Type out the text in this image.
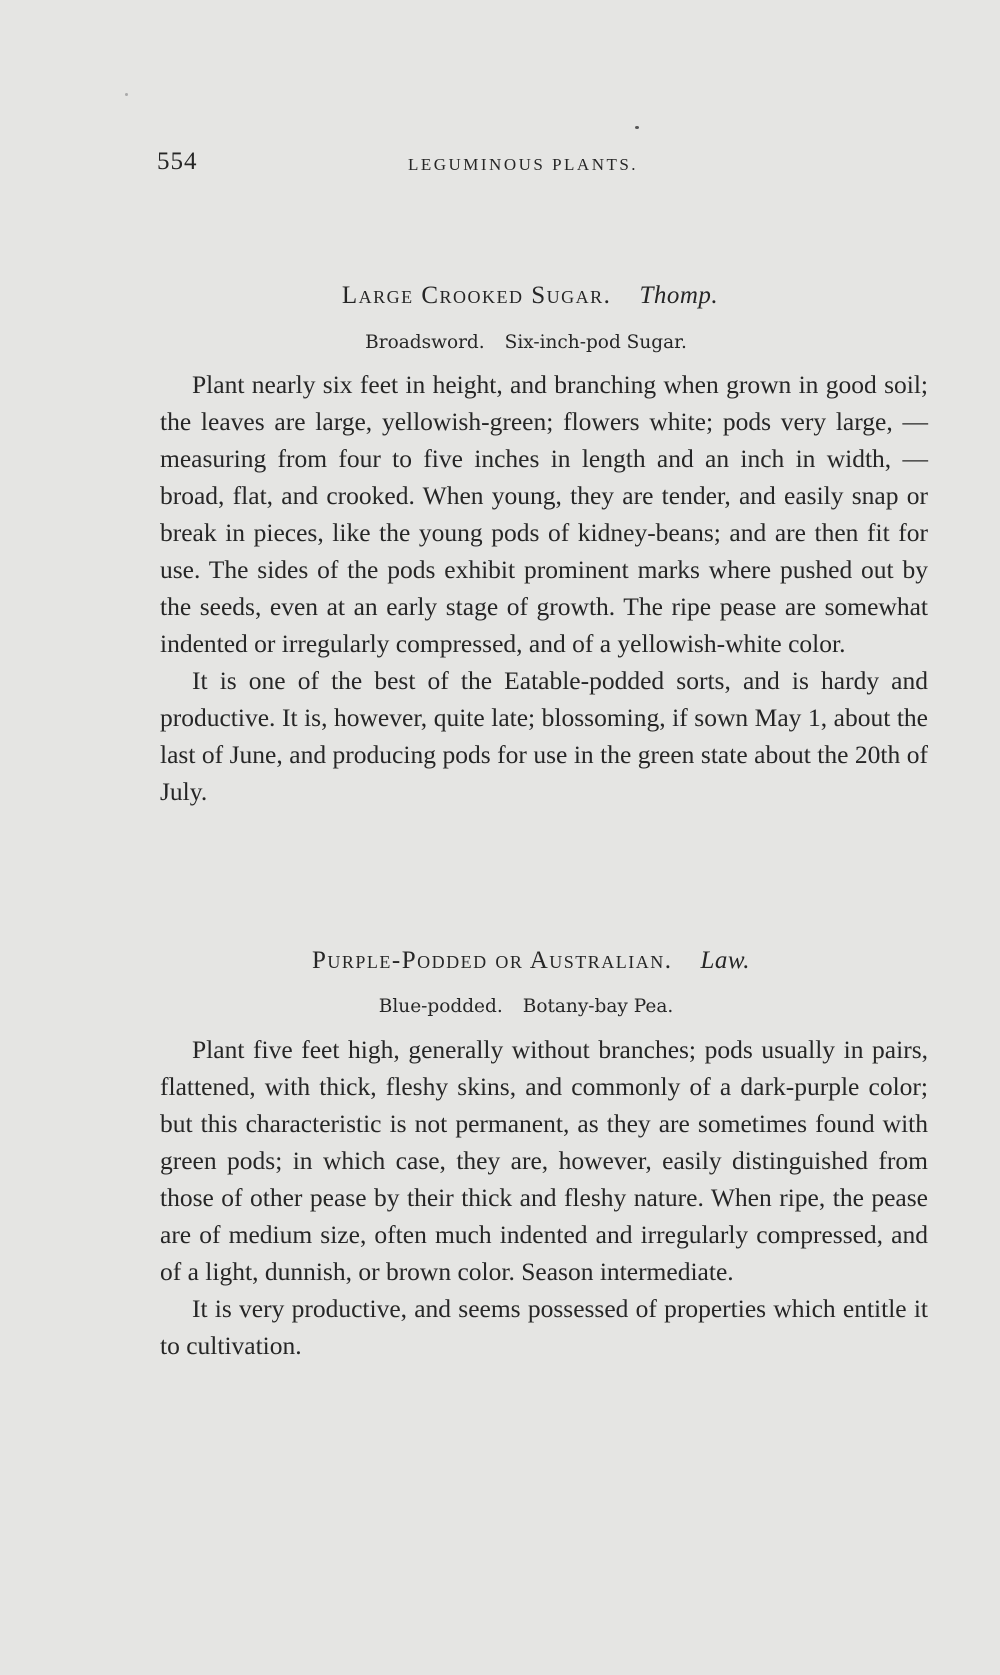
554	LEGUMINOUS PLANTS.
Large Crooked Sugar. Thomp.
Broadsword. Six-inch-pod Sugar.

Plant nearly six feet in height, and branching when grown in good soil; the leaves are large, yellowish-green; flowers white; pods very large, — measuring from four to five inches in length and an inch in width, — broad, flat, and crooked. When young, they are tender, and easily snap or break in pieces, like the young pods of kidney-beans; and are then fit for use. The sides of the pods exhibit prominent marks where pushed out by the seeds, even at an early stage of growth. The ripe pease are somewhat indented or irregularly compressed, and of a yellowish-white color.

It is one of the best of the Eatable-podded sorts, and is hardy and productive. It is, however, quite late; blossoming, if sown May 1, about the last of June, and producing pods for use in the green state about the 20th of July.

Purple-Podded or Australian. Law.
Blue-podded. Botany-bay Pea.

Plant five feet high, generally without branches; pods usually in pairs, flattened, with thick, fleshy skins, and commonly of a dark-purple color; but this characteristic is not permanent, as they are sometimes found with green pods; in which case, they are, however, easily distinguished from those of other pease by their thick and fleshy nature. When ripe, the pease are of medium size, often much indented and irregularly compressed, and of a light, dunnish, or brown color. Season intermediate.

It is very productive, and seems possessed of properties which entitle it to cultivation.
